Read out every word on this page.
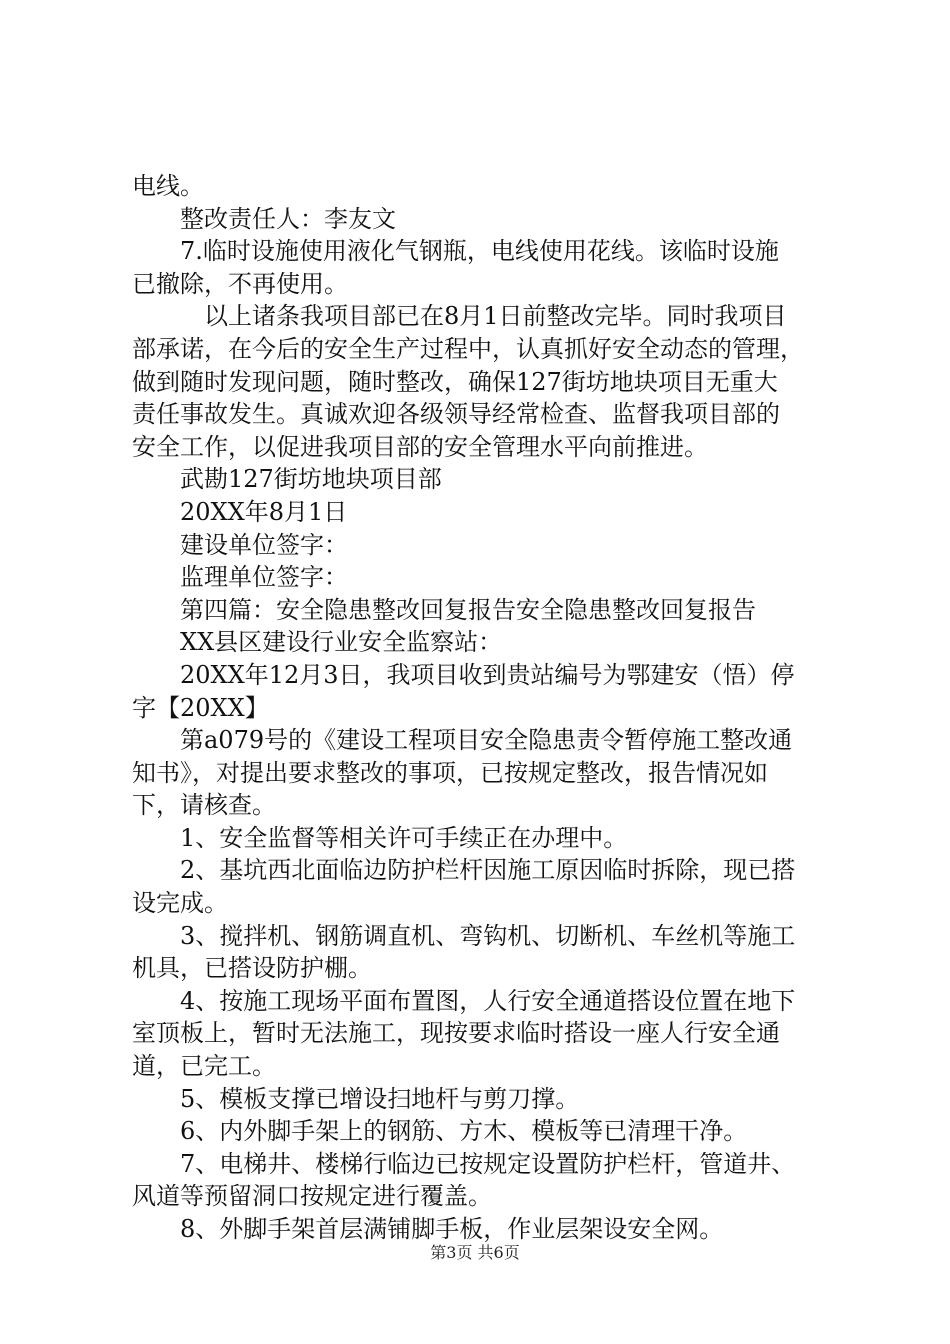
电线。
整改责任人：李友文
7.临时设施使用液化气钢瓶，电线使用花线。该临时设施
已撤除，不再使用。
以上诸条我项目部已在8月1日前整改完毕。同时我项目
部承诺，在今后的安全生产过程中，认真抓好安全动态的管理，
做到随时发现问题，随时整改，确保127街坊地块项目无重大
责任事故发生。真诚欢迎各级领导经常检查、监督我项目部的
安全工作，以促进我项目部的安全管理水平向前推进。
武勘127街坊地块项目部
20XX年8月1日
建设单位签字：
监理单位签字：
第四篇：安全隐患整改回复报告安全隐患整改回复报告
XX县区建设行业安全监察站：
20XX年12月3日，我项目收到贵站编号为鄂建安（悟）停
字【20XX】
第a079号的《建设工程项目安全隐患责令暂停施工整改通
知书》，对提出要求整改的事项，已按规定整改，报告情况如
下，请核查。
1、安全监督等相关许可手续正在办理中。
2、基坑西北面临边防护栏杆因施工原因临时拆除，现已搭
设完成。
3、搅拌机、钢筋调直机、弯钩机、切断机、车丝机等施工
机具，已搭设防护棚。
4、按施工现场平面布置图，人行安全通道搭设位置在地下
室顶板上，暂时无法施工，现按要求临时搭设一座人行安全通
道，已完工。
5、模板支撑已增设扫地杆与剪刀撑。
6、内外脚手架上的钢筋、方木、模板等已清理干净。
7、电梯井、楼梯行临边已按规定设置防护栏杆，管道井、
风道等预留洞口按规定进行覆盖。
8、外脚手架首层满铺脚手板，作业层架设安全网。
第3页 共6页
